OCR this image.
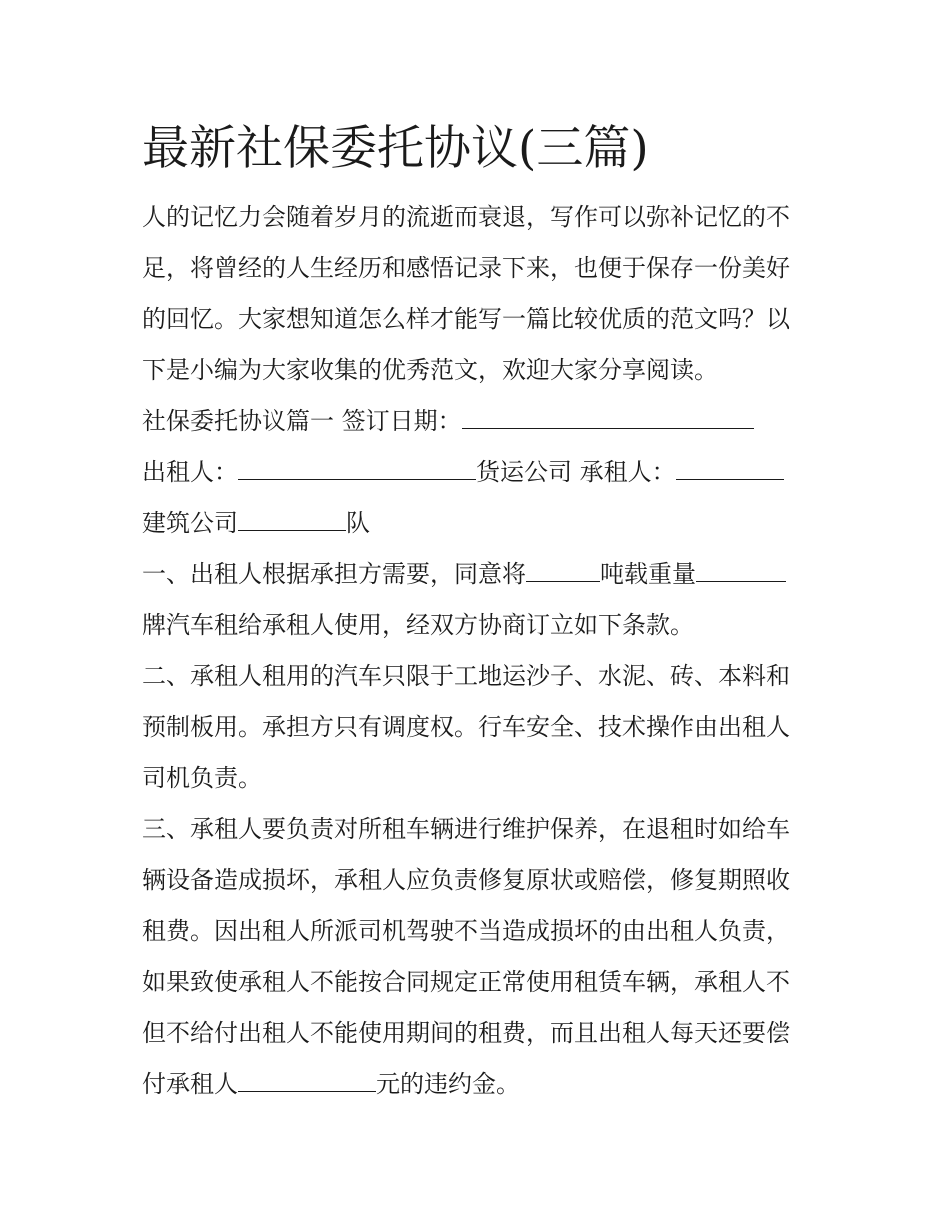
最新社保委托协议(三篇)
人的记忆力会随着岁月的流逝而衰退，写作可以弥补记忆的不
足，将曾经的人生经历和感悟记录下来，也便于保存一份美好
的回忆。大家想知道怎么样才能写一篇比较优质的范文吗？以
下是小编为大家收集的优秀范文，欢迎大家分享阅读。
社保委托协议篇一 签订日期：
出租人：	货运公司 承租人：
建筑公司	队
一、出租人根据承担方需要，同意将	吨载重量
牌汽车租给承租人使用，经双方协商订立如下条款。
二、承租人租用的汽车只限于工地运沙子、水泥、砖、本料和
预制板用。承担方只有调度权。行车安全、技术操作由出租人
司机负责。
三、承租人要负责对所租车辆进行维护保养，在退租时如给车
辆设备造成损坏，承租人应负责修复原状或赔偿，修复期照收
租费。因出租人所派司机驾驶不当造成损坏的由出租人负责，
如果致使承租人不能按合同规定正常使用租赁车辆，承租人不
但不给付出租人不能使用期间的租费，而且出租人每天还要偿
付承租人	元的违约金。
